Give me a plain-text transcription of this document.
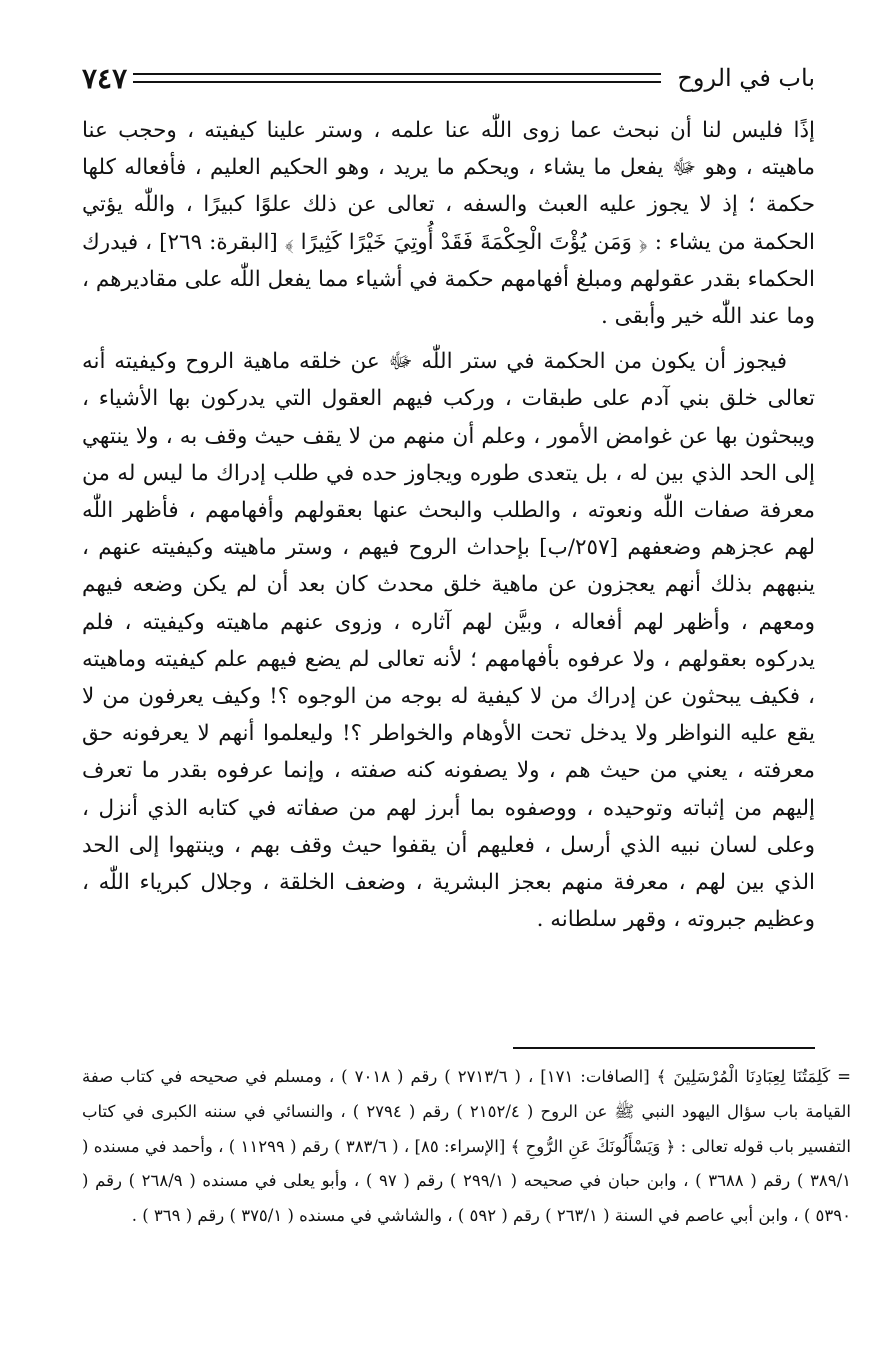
باب في الروح
٧٤٧

إذًا فليس لنا أن نبحث عما زوى اللّٰه عنا علمه ، وستر علينا كيفيته ، وحجب عنا ماهيته ، وهو ﷻ يفعل ما يشاء ، ويحكم ما يريد ، وهو الحكيم العليم ، فأفعاله كلها حكمة ؛ إذ لا يجوز عليه العبث والسفه ، تعالى عن ذلك علوًا كبيرًا ، واللّٰه يؤتي الحكمة من يشاء : ﴿ وَمَن يُؤْتَ الْحِكْمَةَ فَقَدْ أُوتِيَ خَيْرًا كَثِيرًا ﴾ [البقرة: ٢٦٩] ، فيدرك الحكماء بقدر عقولهم ومبلغ أفهامهم حكمة في أشياء مما يفعل اللّٰه على مقاديرهم ، وما عند اللّٰه خير وأبقى .

فيجوز أن يكون من الحكمة في ستر اللّٰه ﷻ عن خلقه ماهية الروح وكيفيته أنه تعالى خلق بني آدم على طبقات ، وركب فيهم العقول التي يدركون بها الأشياء ، ويبحثون بها عن غوامض الأمور ، وعلم أن منهم من لا يقف حيث وقف به ، ولا ينتهي إلى الحد الذي بين له ، بل يتعدى طوره ويجاوز حده في طلب إدراك ما ليس له من معرفة صفات اللّٰه ونعوته ، والطلب والبحث عنها بعقولهم وأفهامهم ، فأظهر اللّٰه لهم عجزهم وضعفهم [٢٥٧/ب] بإحداث الروح فيهم ، وستر ماهيته وكيفيته عنهم ، ينبههم بذلك أنهم يعجزون عن ماهية خلق محدث كان بعد أن لم يكن وضعه فيهم ومعهم ، وأظهر لهم أفعاله ، وبيَّن لهم آثاره ، وزوى عنهم ماهيته وكيفيته ، فلم يدركوه بعقولهم ، ولا عرفوه بأفهامهم ؛ لأنه تعالى لم يضع فيهم علم كيفيته وماهيته ، فكيف يبحثون عن إدراك من لا كيفية له بوجه من الوجوه ؟! وكيف يعرفون من لا يقع عليه النواظر ولا يدخل تحت الأوهام والخواطر ؟! وليعلموا أنهم لا يعرفونه حق معرفته ، يعني من حيث هم ، ولا يصفونه كنه صفته ، وإنما عرفوه بقدر ما تعرف إليهم من إثباته وتوحيده ، ووصفوه بما أبرز لهم من صفاته في كتابه الذي أنزل ، وعلى لسان نبيه الذي أرسل ، فعليهم أن يقفوا حيث وقف بهم ، وينتهوا إلى الحد الذي بين لهم ، معرفة منهم بعجز البشرية ، وضعف الخلقة ، وجلال كبرياء اللّٰه ، وعظيم جبروته ، وقهر سلطانه .

= كَلِمَتُنَا لِعِبَادِنَا الْمُرْسَلِينَ ﴾ [الصافات: ١٧١] ، ( ٢٧١٣/٦ ) رقم ( ٧٠١٨ ) ، ومسلم في صحيحه في كتاب صفة القيامة باب سؤال اليهود النبي ﷺ عن الروح ( ٢١٥٢/٤ ) رقم ( ٢٧٩٤ ) ، والنسائي في سننه الكبرى في كتاب التفسير باب قوله تعالى : ﴿ وَيَسْأَلُونَكَ عَنِ الرُّوحِ ﴾ [الإسراء: ٨٥] ، ( ٣٨٣/٦ ) رقم ( ١١٢٩٩ ) ، وأحمد في مسنده ( ٣٨٩/١ ) رقم ( ٣٦٨٨ ) ، وابن حبان في صحيحه ( ٢٩٩/١ ) رقم ( ٩٧ ) ، وأبو يعلى في مسنده ( ٢٦٨/٩ ) رقم ( ٥٣٩٠ ) ، وابن أبي عاصم في السنة ( ٢٦٣/١ ) رقم ( ٥٩٢ ) ، والشاشي في مسنده ( ٣٧٥/١ ) رقم ( ٣٦٩ ) .
